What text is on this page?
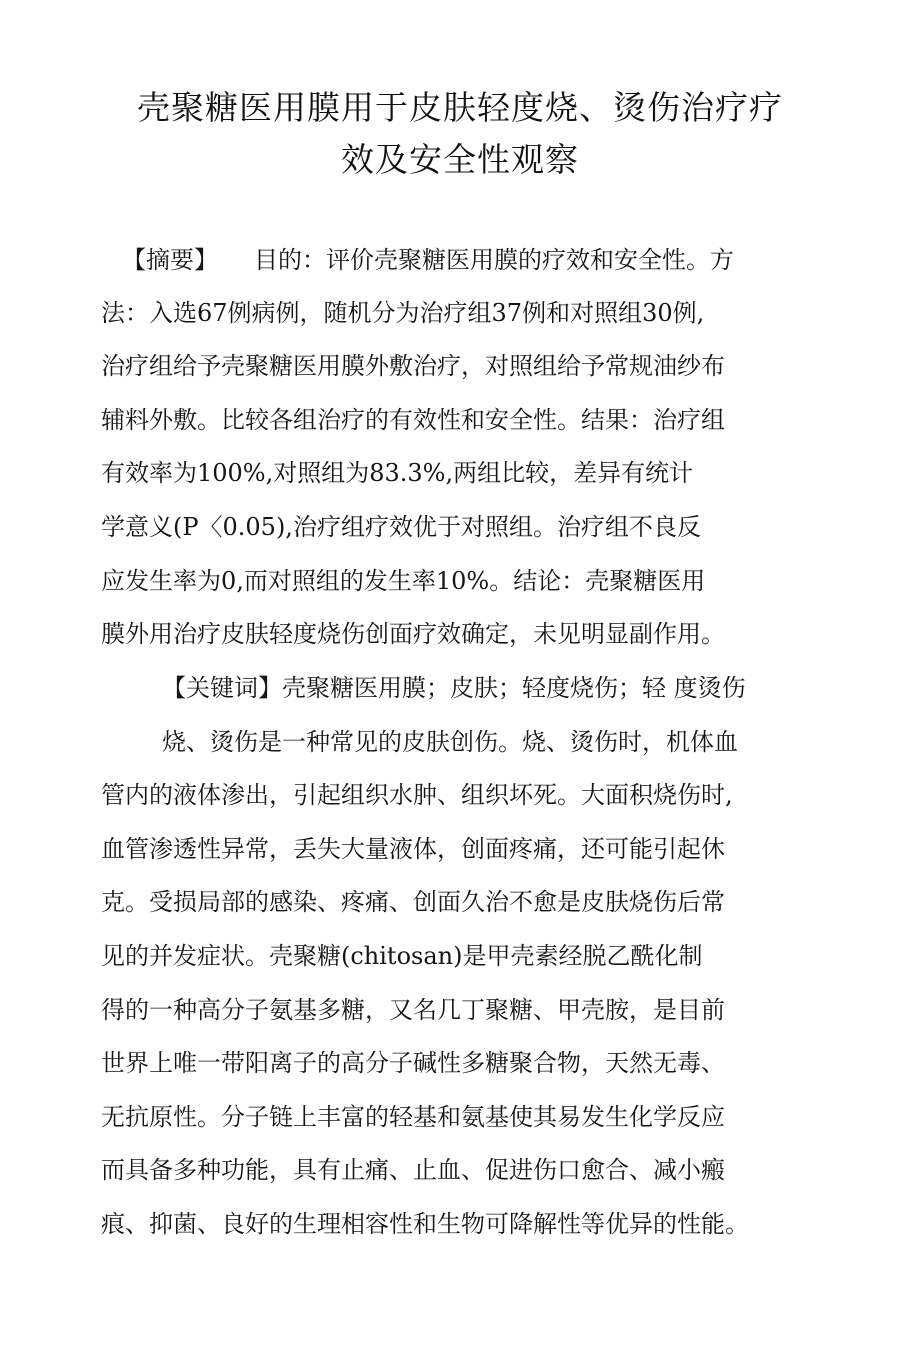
壳聚糖医用膜用于皮肤轻度烧、烫伤治疗疗
效及安全性观察
【摘要】　　目的：评价壳聚糖医用膜的疗效和安全性。方
法：入选67例病例，随机分为治疗组37例和对照组30例,
治疗组给予壳聚糖医用膜外敷治疗，对照组给予常规油纱布
辅料外敷。比较各组治疗的有效性和安全性。结果：治疗组
有效率为100%,对照组为83.3%,两组比较，差异有统计
学意义(P〈0.05),治疗组疗效优于对照组。治疗组不良反
应发生率为0,而对照组的发生率10%。结论：壳聚糖医用
膜外用治疗皮肤轻度烧伤创面疗效确定，未见明显副作用。
【关键词】壳聚糖医用膜；皮肤；轻度烧伤；轻 度烫伤
烧、烫伤是一种常见的皮肤创伤。烧、烫伤时，机体血
管内的液体渗出，引起组织水肿、组织坏死。大面积烧伤时,
血管渗透性异常，丢失大量液体，创面疼痛，还可能引起休
克。受损局部的感染、疼痛、创面久治不愈是皮肤烧伤后常
见的并发症状。壳聚糖(chitosan)是甲壳素经脱乙酰化制
得的一种高分子氨基多糖，又名几丁聚糖、甲壳胺，是目前
世界上唯一带阳离子的高分子碱性多糖聚合物，天然无毒、
无抗原性。分子链上丰富的轻基和氨基使其易发生化学反应
而具备多种功能，具有止痛、止血、促进伤口愈合、减小瘢
痕、抑菌、良好的生理相容性和生物可降解性等优异的性能。
